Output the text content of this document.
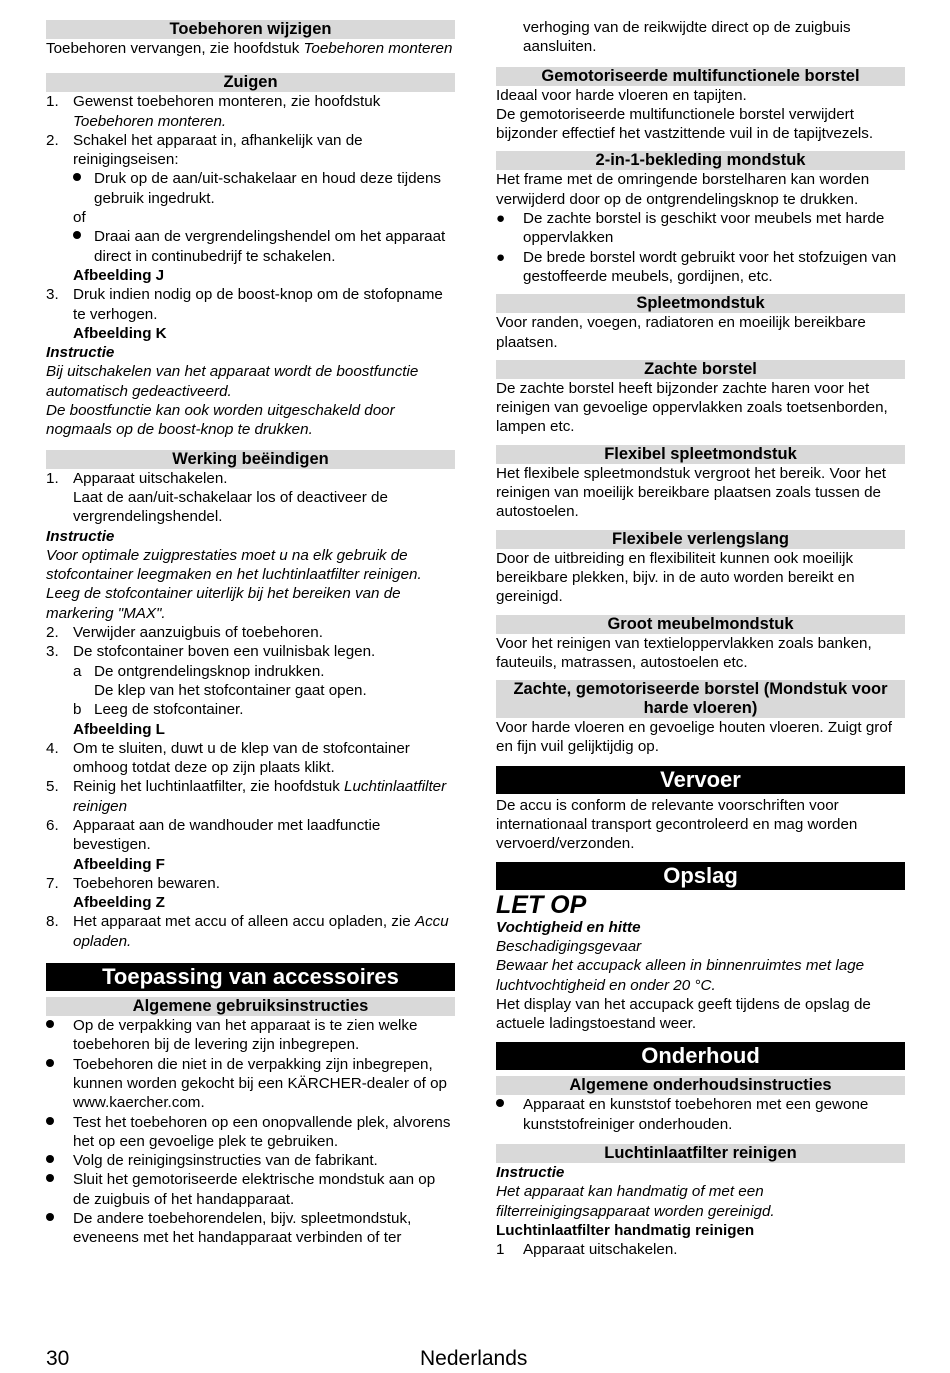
Toebehoren wijzigen

Toebehoren vervangen, zie hoofdstuk Toebehoren monteren

Zuigen
1. Gewenst toebehoren monteren, zie hoofdstuk Toebehoren monteren.
2. Schakel het apparaat in, afhankelijk van de reinigingseisen:
Druk op de aan/uit-schakelaar en houd deze tijdens gebruik ingedrukt.

of

Draai aan de vergrendelingshendel om het apparaat direct in continubedrijf te schakelen.

Afbeelding J

3. Druk indien nodig op de boost-knop om de stofopname te verhogen.

Afbeelding K

Instructie

Bij uitschakelen van het apparaat wordt de boostfunctie automatisch gedeactiveerd.

De boostfunctie kan ook worden uitgeschakeld door nogmaals op de boost-knop te drukken.

Werking beëindigen
1. Apparaat uitschakelen.

Laat de aan/uit-schakelaar los of deactiveer de vergrendelingshendel.

Instructie

Voor optimale zuigprestaties moet u na elk gebruik de stofcontainer leegmaken en het luchtinlaatfilter reinigen.

Leeg de stofcontainer uiterlijk bij het bereiken van de markering "MAX".

2. Verwijder aanzuigbuis of toebehoren.
3. De stofcontainer boven een vuilnisbak legen.
a De ontgrendelingsknop indrukken.

De klep van het stofcontainer gaat open.

b Leeg de stofcontainer.

Afbeelding L

4. Om te sluiten, duwt u de klep van de stofcontainer omhoog totdat deze op zijn plaats klikt.
5. Reinig het luchtinlaatfilter, zie hoofdstuk Luchtinlaatfilter reinigen
6. Apparaat aan de wandhouder met laadfunctie bevestigen.

Afbeelding F

7. Toebehoren bewaren.

Afbeelding Z

8. Het apparaat met accu of alleen accu opladen, zie Accu opladen.
Toepassing van accessoires
Algemene gebruiksinstructies
Op de verpakking van het apparaat is te zien welke toebehoren bij de levering zijn inbegrepen.
Toebehoren die niet in de verpakking zijn inbegrepen, kunnen worden gekocht bij een KÄRCHER-dealer of op www.kaercher.com.
Test het toebehoren op een onopvallende plek, alvorens het op een gevoelige plek te gebruiken.
Volg de reinigingsinstructies van de fabrikant.
Sluit het gemotoriseerde elektrische mondstuk aan op de zuigbuis of het handapparaat.
De andere toebehorendelen, bijv. spleetmondstuk, eveneens met het handapparaat verbinden of ter

verhoging van de reikwijdte direct op de zuigbuis aansluiten.

Gemotoriseerde multifunctionele borstel

Ideaal voor harde vloeren en tapijten.

De gemotoriseerde multifunctionele borstel verwijdert bijzonder effectief het vastzittende vuil in de tapijtvezels.

2-in-1-bekleding mondstuk

Het frame met de omringende borstelharen kan worden verwijderd door op de ontgrendelingsknop te drukken.

● De zachte borstel is geschikt voor meubels met harde oppervlakken
● De brede borstel wordt gebruikt voor het stofzuigen van gestoffeerde meubels, gordijnen, etc.
Spleetmondstuk

Voor randen, voegen, radiatoren en moeilijk bereikbare plaatsen.

Zachte borstel

De zachte borstel heeft bijzonder zachte haren voor het reinigen van gevoelige oppervlakken zoals toetsenborden, lampen etc.

Flexibel spleetmondstuk

Het flexibele spleetmondstuk vergroot het bereik. Voor het reinigen van moeilijk bereikbare plaatsen zoals tussen de autostoelen.

Flexibele verlengslang

Door de uitbreiding en flexibiliteit kunnen ook moeilijk bereikbare plekken, bijv. in de auto worden bereikt en gereinigd.

Groot meubelmondstuk

Voor het reinigen van textieloppervlakken zoals banken, fauteuils, matrassen, autostoelen etc.

Zachte, gemotoriseerde borstel (Mondstuk voor harde vloeren)

Voor harde vloeren en gevoelige houten vloeren. Zuigt grof en fijn vuil gelijktijdig op.

Vervoer

De accu is conform de relevante voorschriften voor internationaal transport gecontroleerd en mag worden vervoerd/verzonden.

Opslag

LET OP

Vochtigheid en hitte

Beschadigingsgevaar

Bewaar het accupack alleen in binnenruimtes met lage luchtvochtigheid en onder 20 °C.

Het display van het accupack geeft tijdens de opslag de actuele ladingstoestand weer.

Onderhoud
Algemene onderhoudsinstructies
Apparaat en kunststof toebehoren met een gewone kunststofreiniger onderhouden.
Luchtinlaatfilter reinigen

Instructie

Het apparaat kan handmatig of met een filterreinigingsapparaat worden gereinigd.

Luchtinlaatfilter handmatig reinigen

1 Apparaat uitschakelen.
30	Nederlands
